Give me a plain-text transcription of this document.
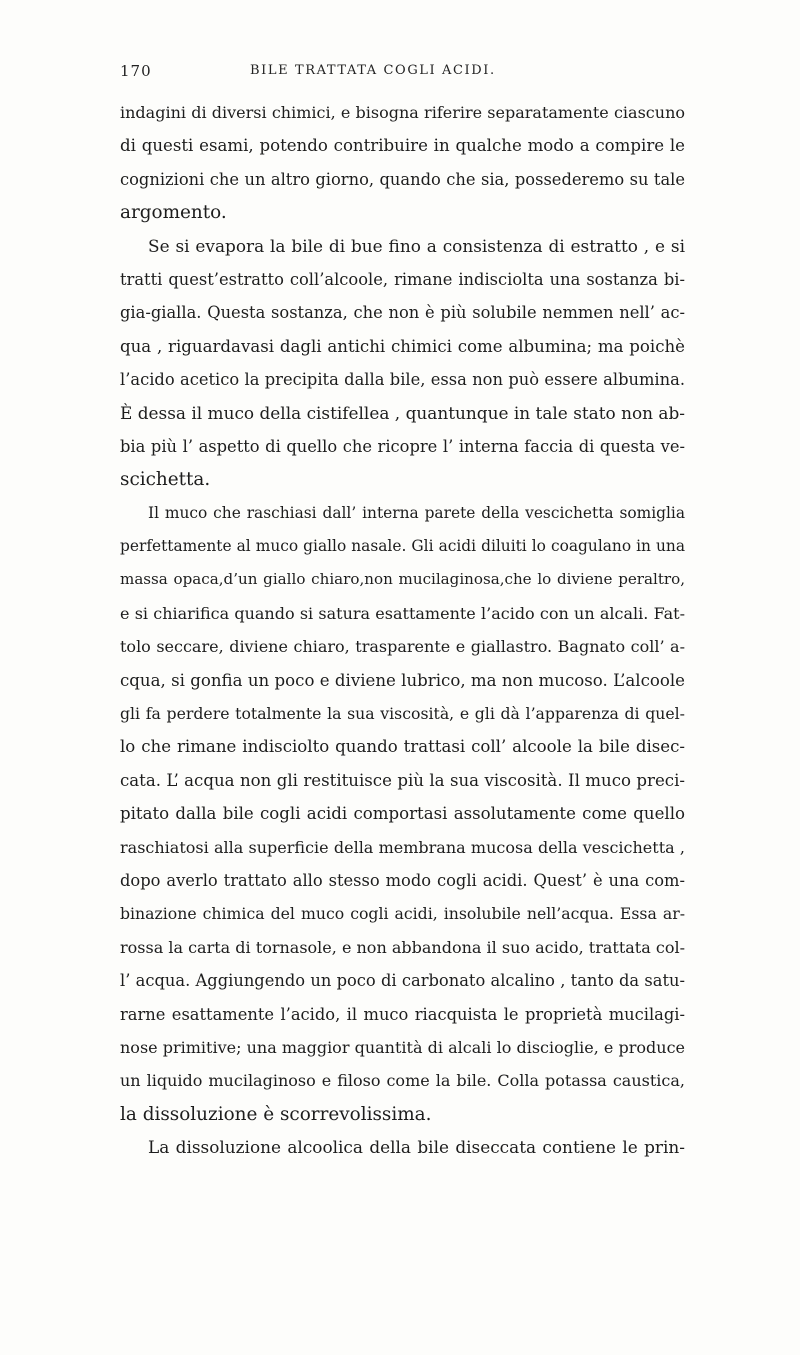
170	BILE TRATTATA COGLI ACIDI.
indagini di diversi chimici, e bisogna riferire separatamente ciascuno
di questi esami, potendo contribuire in qualche modo a compire le
cognizioni che un altro giorno, quando che sia, possederemo su tale
argomento.
Se si evapora la bile di bue fino a consistenza di estratto , e si
tratti quest’estratto coll’alcoole, rimane indisciolta una sostanza bi-
gia-gialla. Questa sostanza, che non è più solubile nemmen nell’ ac-
qua , riguardavasi dagli antichi chimici come albumina; ma poichè
l’acido acetico la precipita dalla bile, essa non può essere albumina.
È dessa il muco della cistifellea , quantunque in tale stato non ab-
bia più l’ aspetto di quello che ricopre l’ interna faccia di questa ve-
scichetta.
Il muco che raschiasi dall’ interna parete della vescichetta somiglia
perfettamente al muco giallo nasale. Gli acidi diluiti lo coagulano in una
massa opaca,d’un giallo chiaro,non mucilaginosa,che lo diviene peraltro,
e si chiarifica quando si satura esattamente l’acido con un alcali. Fat-
tolo seccare, diviene chiaro, trasparente e giallastro. Bagnato coll’ a-
cqua, si gonfia un poco e diviene lubrico, ma non mucoso. L’alcoole
gli fa perdere totalmente la sua viscosità, e gli dà l’apparenza di quel-
lo che rimane indisciolto quando trattasi coll’ alcoole la bile disec-
cata. L’ acqua non gli restituisce più la sua viscosità. Il muco preci-
pitato dalla bile cogli acidi comportasi assolutamente come quello
raschiatosi alla superficie della membrana mucosa della vescichetta ,
dopo averlo trattato allo stesso modo cogli acidi. Quest’ è una com-
binazione chimica del muco cogli acidi, insolubile nell’acqua. Essa ar-
rossa la carta di tornasole, e non abbandona il suo acido, trattata col-
l’ acqua. Aggiungendo un poco di carbonato alcalino , tanto da satu-
rarne esattamente l’acido, il muco riacquista le proprietà mucilagi-
nose primitive; una maggior quantità di alcali lo discioglie, e produce
un liquido mucilaginoso e filoso come la bile. Colla potassa caustica,
la dissoluzione è scorrevolissima.
La dissoluzione alcoolica della bile diseccata contiene le prin-
